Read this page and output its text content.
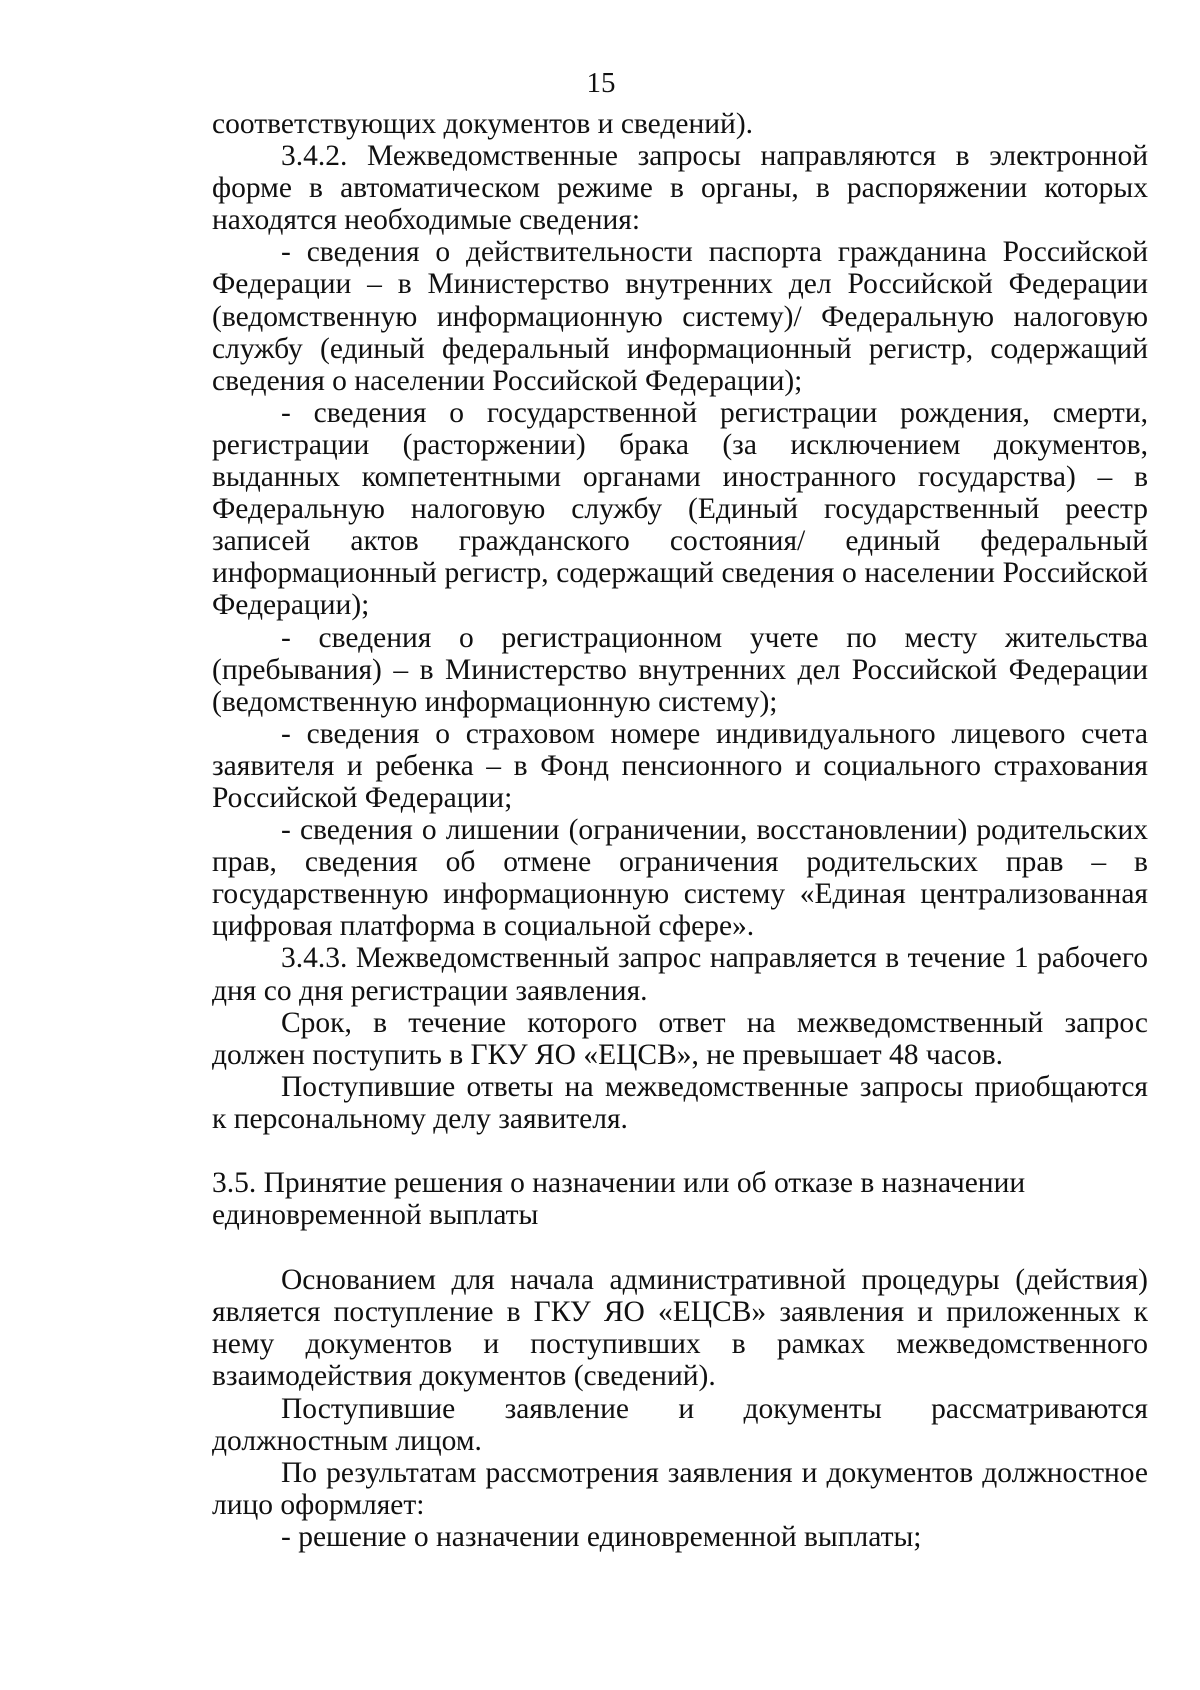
15

соответствующих документов и сведений).

3.4.2. Межведомственные запросы направляются в электронной форме в автоматическом режиме в органы, в распоряжении которых находятся необходимые сведения:

- сведения о действительности паспорта гражданина Российской Федерации – в Министерство внутренних дел Российской Федерации (ведомственную информационную систему)/ Федеральную налоговую службу (единый федеральный информационный регистр, содержащий сведения о населении Российской Федерации);

- сведения о государственной регистрации рождения, смерти, регистрации (расторжении) брака (за исключением документов, выданных компетентными органами иностранного государства) – в Федеральную налоговую службу (Единый государственный реестр записей актов гражданского состояния/ единый федеральный информационный регистр, содержащий сведения о населении Российской Федерации);

- сведения о регистрационном учете по месту жительства (пребывания) – в Министерство внутренних дел Российской Федерации (ведомственную информационную систему);

- сведения о страховом номере индивидуального лицевого счета заявителя и ребенка – в Фонд пенсионного и социального страхования Российской Федерации;

- сведения о лишении (ограничении, восстановлении) родительских прав, сведения об отмене ограничения родительских прав – в государственную информационную систему «Единая централизованная цифровая платформа в социальной сфере».

3.4.3. Межведомственный запрос направляется в течение 1 рабочего дня со дня регистрации заявления.

Срок, в течение которого ответ на межведомственный запрос должен поступить в ГКУ ЯО «ЕЦСВ», не превышает 48 часов.

Поступившие ответы на межведомственные запросы приобщаются к персональному делу заявителя.

3.5. Принятие решения о назначении или об отказе в назначении

единовременной выплаты

Основанием для начала административной процедуры (действия) является поступление в ГКУ ЯО «ЕЦСВ» заявления и приложенных к нему документов и поступивших в рамках межведомственного взаимодействия документов (сведений).

Поступившие заявление и документы рассматриваются должностным лицом.

По результатам рассмотрения заявления и документов должностное лицо оформляет:

- решение о назначении единовременной выплаты;
